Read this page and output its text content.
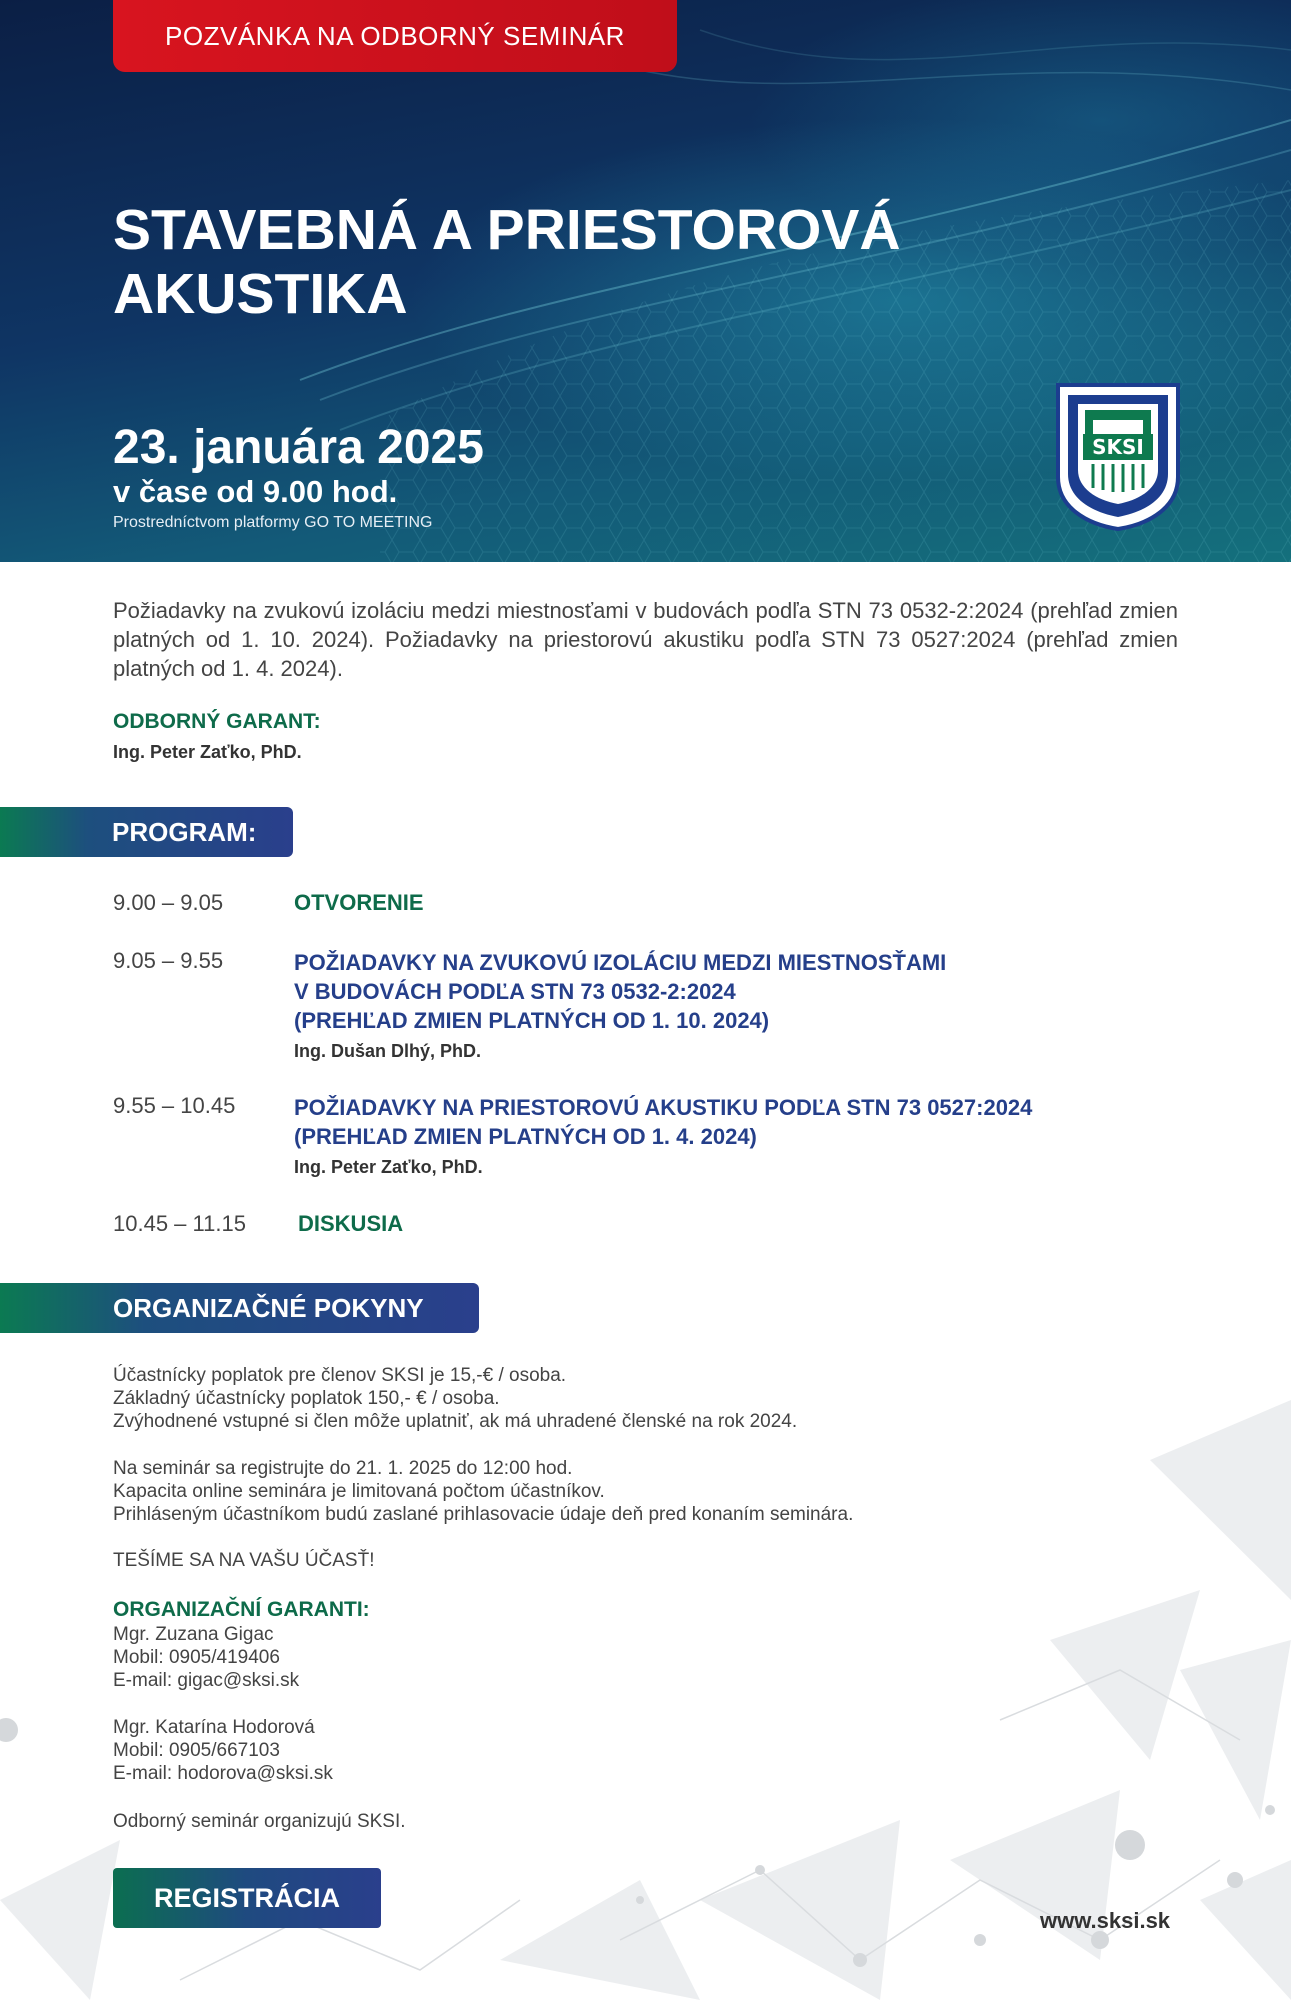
POZVÁNKA NA ODBORNÝ SEMINÁR
STAVEBNÁ A PRIESTOROVÁ
AKUSTIKA
23. januára 2025
v čase od 9.00 hod.
Prostredníctvom platformy GO TO MEETING
SKSI
Požiadavky na zvukovú izoláciu medzi miestnosťami v budovách podľa STN 73 0532-2:2024 (prehľad zmien platných od 1. 10. 2024). Požiadavky na priestorovú akustiku podľa STN 73 0527:2024 (prehľad zmien platných od 1. 4. 2024).
ODBORNÝ GARANT:
Ing. Peter Zaťko, PhD.
PROGRAM:
9.00 – 9.05	OTVORENIE
9.05 – 9.55	POŽIADAVKY NA ZVUKOVÚ IZOLÁCIU MEDZI MIESTNOSŤAMI
V BUDOVÁCH PODĽA STN 73 0532-2:2024
(PREHĽAD ZMIEN PLATNÝCH OD 1. 10. 2024)
Ing. Dušan Dlhý, PhD.
9.55 – 10.45	POŽIADAVKY NA PRIESTOROVÚ AKUSTIKU PODĽA STN 73 0527:2024
(PREHĽAD ZMIEN PLATNÝCH OD 1. 4. 2024)
Ing. Peter Zaťko, PhD.
10.45 – 11.15 DISKUSIA
ORGANIZAČNÉ POKYNY
Účastnícky poplatok pre členov SKSI je 15,-€ / osoba.
Základný účastnícky poplatok 150,- € / osoba.
Zvýhodnené vstupné si člen môže uplatniť, ak má uhradené členské na rok 2024.
Na seminár sa registrujte do 21. 1. 2025 do 12:00 hod.
Kapacita online seminára je limitovaná počtom účastníkov.
Prihláseným účastníkom budú zaslané prihlasovacie údaje deň pred konaním seminára.
TEŠÍME SA NA VAŠU ÚČASŤ!
ORGANIZAČNÍ GARANTI:
Mgr. Zuzana Gigac
Mobil: 0905/419406
E-mail: gigac@sksi.sk
Mgr. Katarína Hodorová
Mobil: 0905/667103
E-mail: hodorova@sksi.sk
Odborný seminár organizujú SKSI.
REGISTRÁCIA
www.sksi.sk
